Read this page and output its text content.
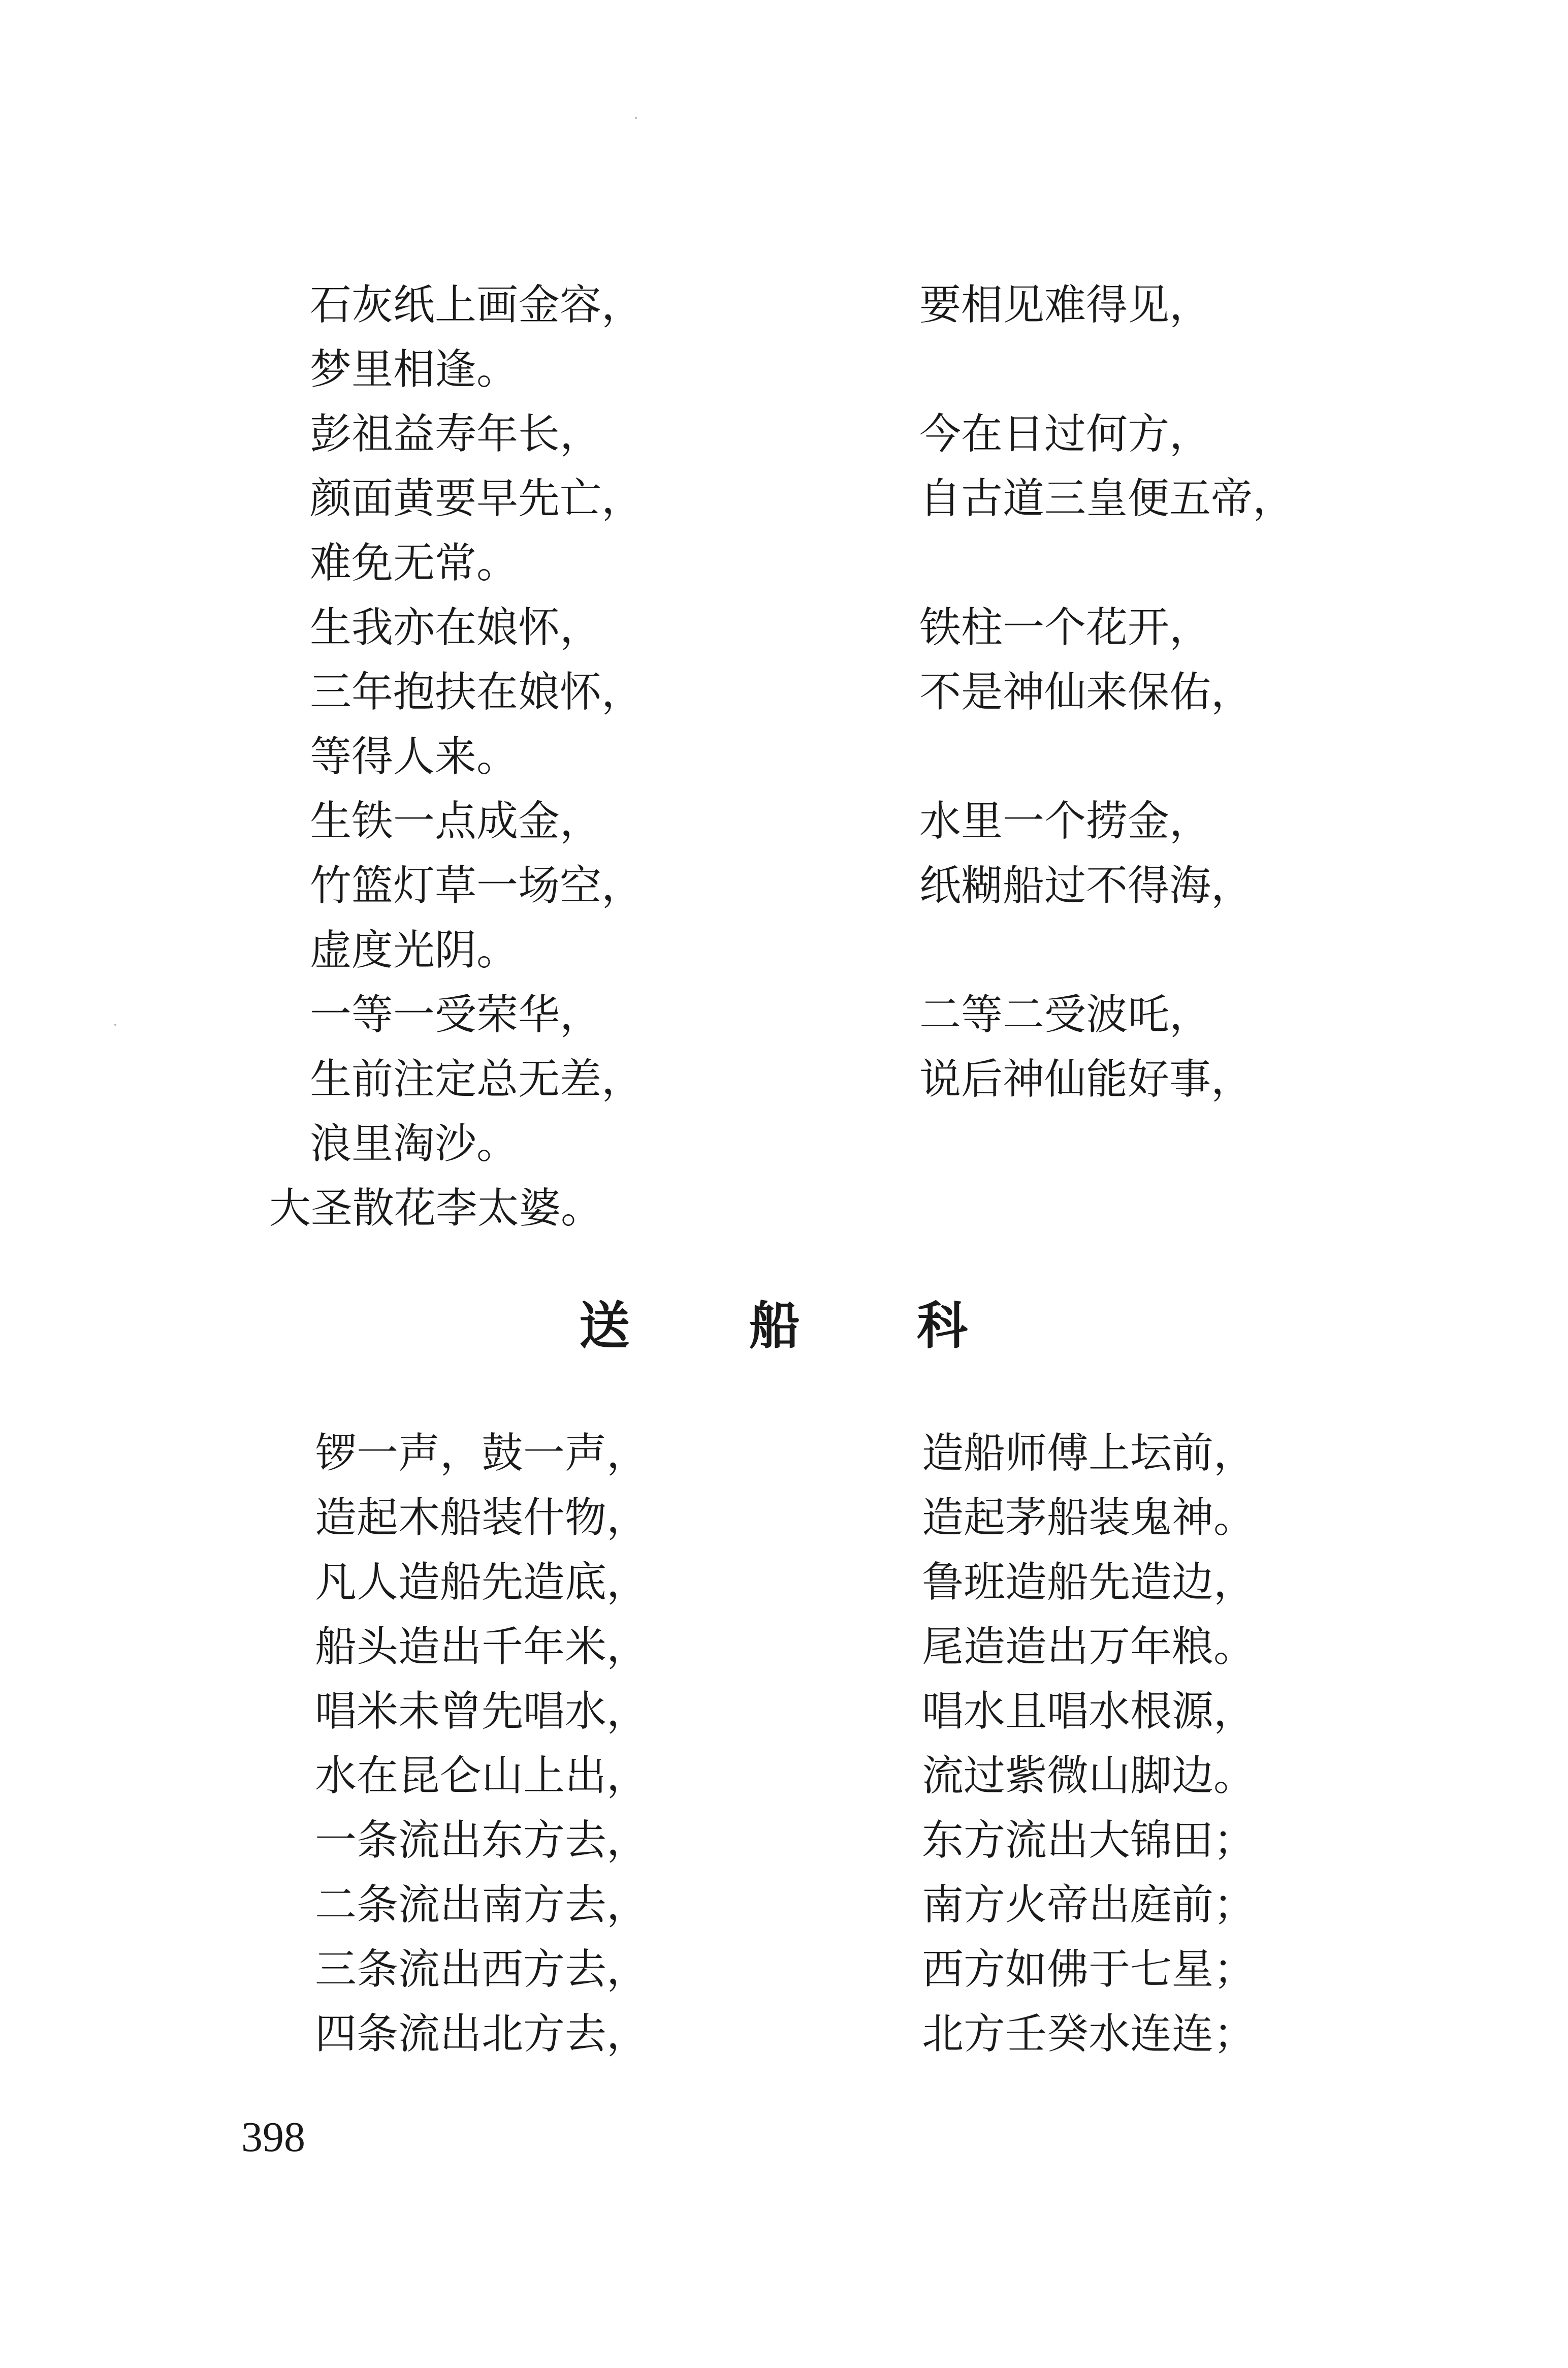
石灰纸上画金容，
梦里相逢。
彭祖益寿年长，
颜面黄要早先亡，
难免无常。
生我亦在娘怀，
三年抱扶在娘怀，
等得人来。
生铁一点成金，
竹篮灯草一场空，
虚度光阴。
一等一受荣华，
生前注定总无差，
浪里淘沙。
大圣散花李太婆。
要相见难得见，
今在日过何方，
自古道三皇便五帝，
铁柱一个花开，
不是神仙来保佑，
水里一个捞金，
纸糊船过不得海，
二等二受波吒，
说后神仙能好事，
送 船 科
锣一声，鼓一声，
造起木船装什物，
凡人造船先造底，
船头造出千年米，
唱米未曾先唱水，
水在昆仑山上出，
一条流出东方去，
二条流出南方去，
三条流出西方去，
四条流出北方去，
造船师傅上坛前，
造起茅船装鬼神。
鲁班造船先造边，
尾造造出万年粮。
唱水且唱水根源，
流过紫微山脚边。
东方流出大锦田；
南方火帝出庭前；
西方如佛于七星；
北方壬癸水连连；
398
